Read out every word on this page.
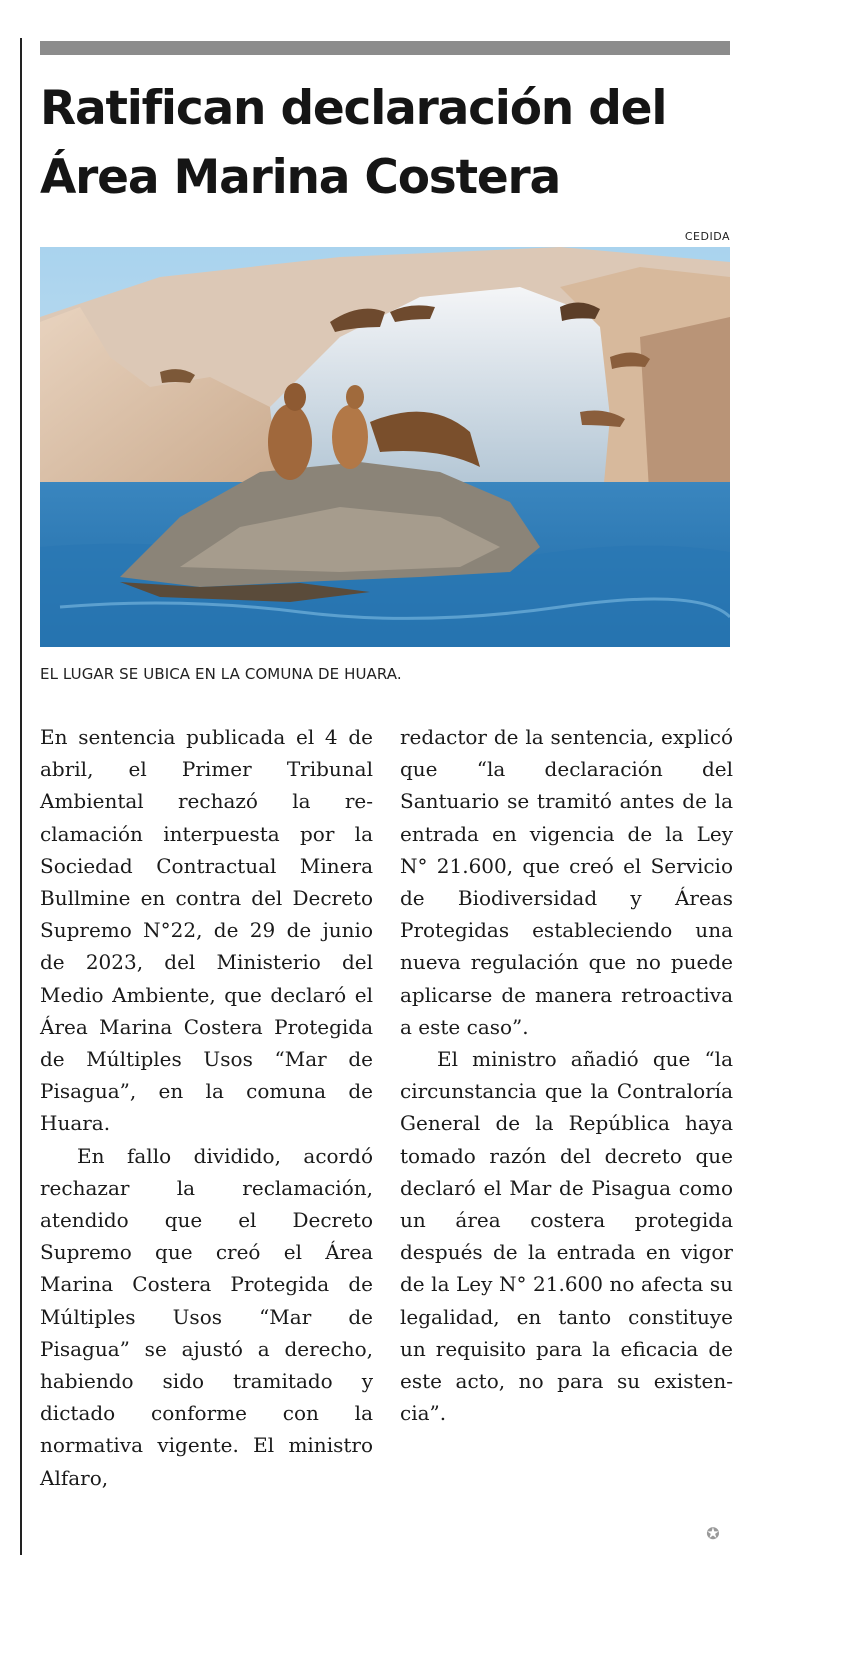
Ratifican declaración del Área Marina Costera
CEDIDA
EL LUGAR SE UBICA EN LA COMUNA DE HUARA.

En sentencia publicada el 4 de abril, el Primer Tribunal Ambiental rechazó la reclamación interpuesta por la Sociedad Contractual Minera Bullmine en contra del Decreto Supremo N°22, de 29 de junio de 2023, del Ministerio del Medio Ambiente, que declaró el Área Marina Costera Protegida de Múltiples Usos “Mar de Pisagua”, en la comuna de Huara.

En fallo dividido, acordó rechazar la reclamación, atendido que el Decreto Supremo que creó el Área Marina Costera Protegida de Múltiples Usos “Mar de Pisagua” se ajustó a derecho, habiendo sido tramitado y dictado conforme con la normativa vigente. El ministro Alfaro,

redactor de la sentencia, explicó que “la declaración del Santuario se tramitó antes de la entrada en vigencia de la Ley N° 21.600, que creó el Servicio de Biodiversidad y Áreas Protegidas estableciendo una nueva regulación que no puede aplicarse de manera retroactiva a este caso”.

El ministro añadió que “la circunstancia que la Contraloría General de la República haya tomado razón del decreto que declaró el Mar de Pisagua como un área costera protegida después de la entrada en vigor de la Ley N° 21.600 no afecta su legalidad, en tanto constituye un requisito para la eficacia de este acto, no para su existencia”.

✪
